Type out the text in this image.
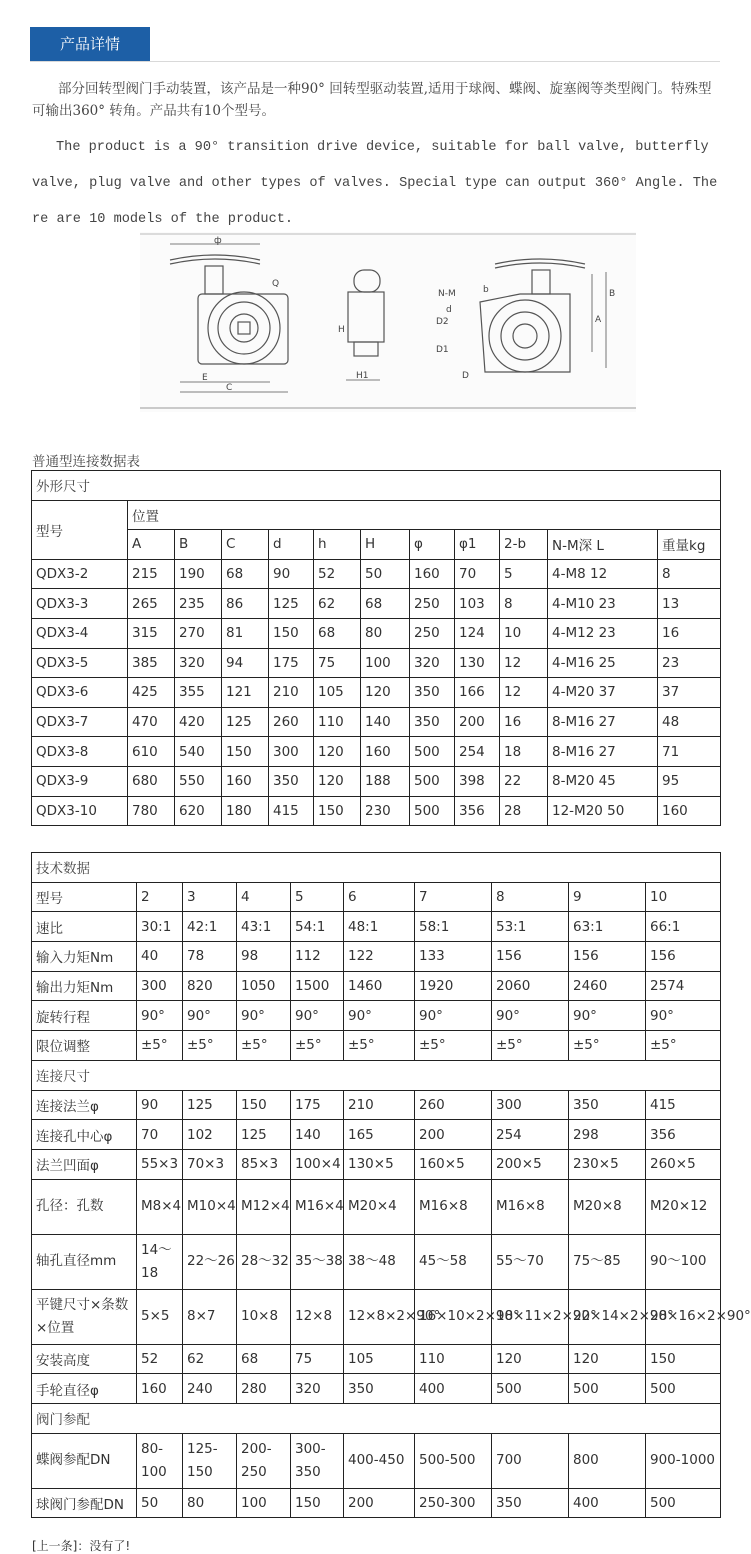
产品详情

部分回转型阀门手动装置，该产品是一种90° 回转型驱动装置,适用于球阀、蝶阀、旋塞阀等类型阀门。特殊型可输出360° 转角。产品共有10个型号。

The product is a 90° transition drive device, suitable for ball valve, butterfly valve, plug valve and other types of valves. Special type can output 360° Angle. There are 10 models of the product.

ф
Q
E
C
H
H1
N-M	b
d
D2
D1
D
A
B
普通型连接数据表
外形尺寸											
型号	位置										
	A	B	C	d	h	H	φ	φ1	2-b	N-M深 L	重量kg
QDX3-2	215	190	68	90	52	50	160	70	5	4-M8 12	8
QDX3-3	265	235	86	125	62	68	250	103	8	4-M10 23	13
QDX3-4	315	270	81	150	68	80	250	124	10	4-M12 23	16
QDX3-5	385	320	94	175	75	100	320	130	12	4-M16 25	23
QDX3-6	425	355	121	210	105	120	350	166	12	4-M20 37	37
QDX3-7	470	420	125	260	110	140	350	200	16	8-M16 27	48
QDX3-8	610	540	150	300	120	160	500	254	18	8-M16 27	71
QDX3-9	680	550	160	350	120	188	500	398	22	8-M20 45	95
QDX3-10	780	620	180	415	150	230	500	356	28	12-M20 50	160
技术数据									
型号	2	3	4	5	6	7	8	9	10
速比	30:1	42:1	43:1	54:1	48:1	58:1	53:1	63:1	66:1
输入力矩Nm	40	78	98	112	122	133	156	156	156
输出力矩Nm	300	820	1050	1500	1460	1920	2060	2460	2574
旋转行程	90°	90°	90°	90°	90°	90°	90°	90°	90°
限位调整	±5°	±5°	±5°	±5°	±5°	±5°	±5°	±5°	±5°
连接尺寸									
连接法兰φ	90	125	150	175	210	260	300	350	415
连接孔中心φ	70	102	125	140	165	200	254	298	356
法兰凹面φ	55×3	70×3	85×3	100×4	130×5	160×5	200×5	230×5	260×5
孔径：孔数	M8×4	M10×4	M12×4	M16×4	M20×4	M16×8	M16×8	M20×8	M20×12
轴孔直径mm	14～18	22～26	28～32	35～38	38～48	45～58	55～70	75～85	90～100
平键尺寸×条数×位置	5×5	8×7	10×8	12×8	12×8×2×90°	16×10×2×90°	18×11×2×90°	22×14×2×90°	28×16×2×90°
安装高度	52	62	68	75	105	110	120	120	150
手轮直径φ	160	240	280	320	350	400	500	500	500
阀门参配									
蝶阀参配DN	80-100	125-150	200-250	300-350	400-450	500-500	700	800	900-1000
球阀门参配DN	50	80	100	150	200	250-300	350	400	500
[上一条]：没有了!
